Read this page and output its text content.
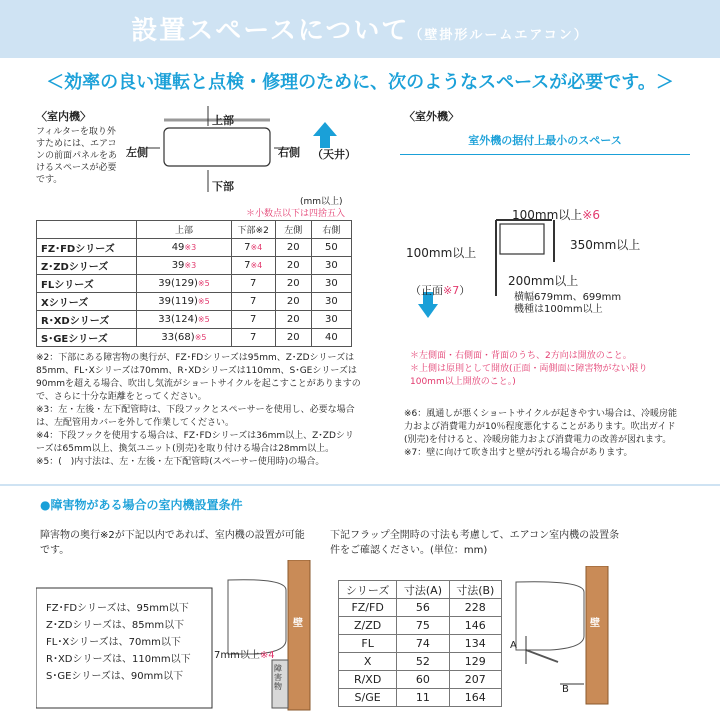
設置スペースについて（壁掛形ルームエアコン）
＜効率の良い運転と点検・修理のために、次のようなスペースが必要です。＞
〈室内機〉
フィルターを取り外すためには、エアコンの前面パネルをあけるスペースが必要です。
上部
下部
左側	右側 （天井）
(mm以上)
＊小数点以下は四捨五入
	上部	下部※2	左側	右側
FZ･FDシリーズ	49※3	7※4	20	50
Z･ZDシリーズ	39※3	7※4	20	30
FLシリーズ	39(129)※5	7	20	30
Xシリーズ	39(119)※5	7	20	30
R･XDシリーズ	33(124)※5	7	20	30
S･GEシリーズ	33(68)※5	7	20	40

※2：下部にある障害物の奥行が、FZ･FDシリーズは95mm、Z･ZDシリーズは85mm、FL･Xシリーズは70mm、R･XDシリーズは110mm、S･GEシリーズは90mmを超える場合、吹出し気流がショートサイクルを起こすことがありますので、さらに十分な距離をとってください。

※3：左・左後・左下配管時は、下段フックとスペーサーを使用し、必要な場合は、左配管用カバーを外して作業してください。

※4：下段フックを使用する場合は、FZ･FDシリーズは36mm以上、Z･ZDシリーズは65mm以上、換気ユニット(別売)を取り付ける場合は28mm以上。

※5：(　)内寸法は、左・左後・左下配管時(スペーサー使用時)の場合。

〈室外機〉
室外機の据付上最小のスペース
100mm以上※6
100mm以上
350mm以上
200mm以上
（正面※7）
横幅679mm、699mm
機種は100mm以上

＊左側面・右側面・背面のうち、2方向は開放のこと。

＊上側は原則として開放(正面・両側面に障害物がない限り100mm以上開放のこと。)

※6：風通しが悪くショートサイクルが起きやすい場合は、冷暖房能力および消費電力が10％程度悪化することがあります。吹出ガイド(別売)を付けると、冷暖房能力および消費電力の改善が図れます。

※7：壁に向けて吹き出すと壁が汚れる場合があります。

●障害物がある場合の室内機設置条件
障害物の奥行※2が下記以内であれば、室内機の設置が可能です。
FZ･FDシリーズは、95mm以下
Z･ZDシリーズは、85mm以下
FL･Xシリーズは、70mm以下
R･XDシリーズは、110mm以下
S･GEシリーズは、90mm以下
7mm以上※4
障害物
壁
下記フラップ全開時の寸法も考慮して、エアコン室内機の設置条件をご確認ください。(単位：mm)
シリーズ	寸法(A)	寸法(B)
FZ/FD	56	228
Z/ZD	75	146
FL	74	134
X	52	129
R/XD	60	207
S/GE	11	164
A
B
壁
